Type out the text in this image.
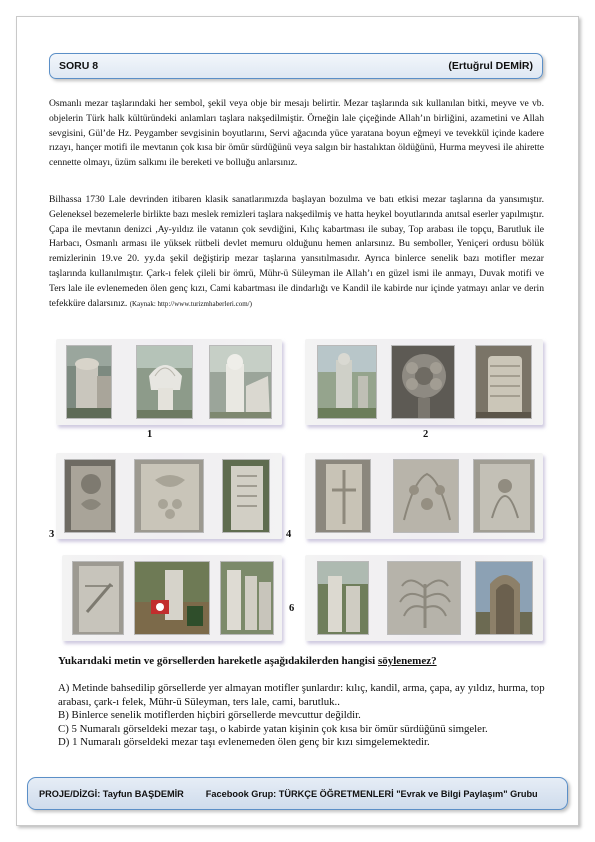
SORU 8	(Ertuğrul DEMİR)

Osmanlı mezar taşlarındaki her sembol, şekil veya obje bir mesajı belirtir. Mezar taşlarında sık kullanılan bitki, meyve ve vb. objelerin Türk halk kültüründeki anlamları taşlara nakşedilmiştir. Örneğin lale çiçeğinde Allah’ın birliğini, azametini ve Allah sevgisini, Gül’de Hz. Peygamber sevgisinin boyutlarını, Servi ağacında yüce yaratana boyun eğmeyi ve tevekkül içinde kadere rızayı, hançer motifi ile mevtanın çok kısa bir ömür sürdüğünü veya salgın bir hastalıktan öldüğünü, Hurma meyvesi ile ahirette cennette olmayı, üzüm salkımı ile bereketi ve bolluğu anlarsınız.

Bilhassa 1730 Lale devrinden itibaren klasik sanatlarımızda başlayan bozulma ve batı etkisi mezar taşlarına da yansımıştır. Geleneksel bezemelerle birlikte bazı meslek remizleri taşlara nakşedilmiş ve hatta heykel boyutlarında anıtsal eserler yapılmıştır. Çapa ile mevtanın denizci ,Ay-yıldız ile vatanın çok sevdiğini, Kılıç kabartması ile subay, Top arabası ile topçu, Barutluk ile Harbacı, Osmanlı arması ile yüksek rütbeli devlet memuru olduğunu hemen anlarsınız. Bu semboller, Yeniçeri ordusu bölük remizlerinin 19.ve 20. yy.da şekil değiştirip mezar taşlarına yansıtılmasıdır. Ayrıca binlerce senelik bazı motifler mezar taşlarında kullanılmıştır. Çark-ı felek çileli bir ömrü, Mühr-ü Süleyman ile Allah’ı en güzel ismi ile anmayı, Duvak motifi ve Ters lale ile evlenemeden ölen genç kızı, Cami kabartması ile dindarlığı ve Kandil ile kabirde nur içinde yatmayı anlar ve derin tefekküre dalarsınız. (Kaynak: http://www.turizmhaberleri.com/)

1	2
3	4
6

Yukarıdaki metin ve görsellerden hareketle aşağıdakilerden hangisi söylenemez?

A) Metinde bahsedilip görsellerde yer almayan motifler şunlardır: kılıç, kandil, arma, çapa, ay yıldız, hurma, top arabası, çark-ı felek, Mühr-ü Süleyman, ters lale, cami, barutluk..

B) Binlerce senelik motiflerden hiçbiri görsellerde mevcuttur değildir.

C) 5 Numaralı görseldeki mezar taşı, o kabirde yatan kişinin çok kısa bir ömür sürdüğünü simgeler.

D) 1 Numaralı görseldeki mezar taşı evlenemeden ölen genç bir kızı simgelemektedir.

PROJE/DİZGİ: Tayfun BAŞDEMİR Facebook Grup: TÜRKÇE ÖĞRETMENLERİ "Evrak ve Bilgi Paylaşım" Grubu
